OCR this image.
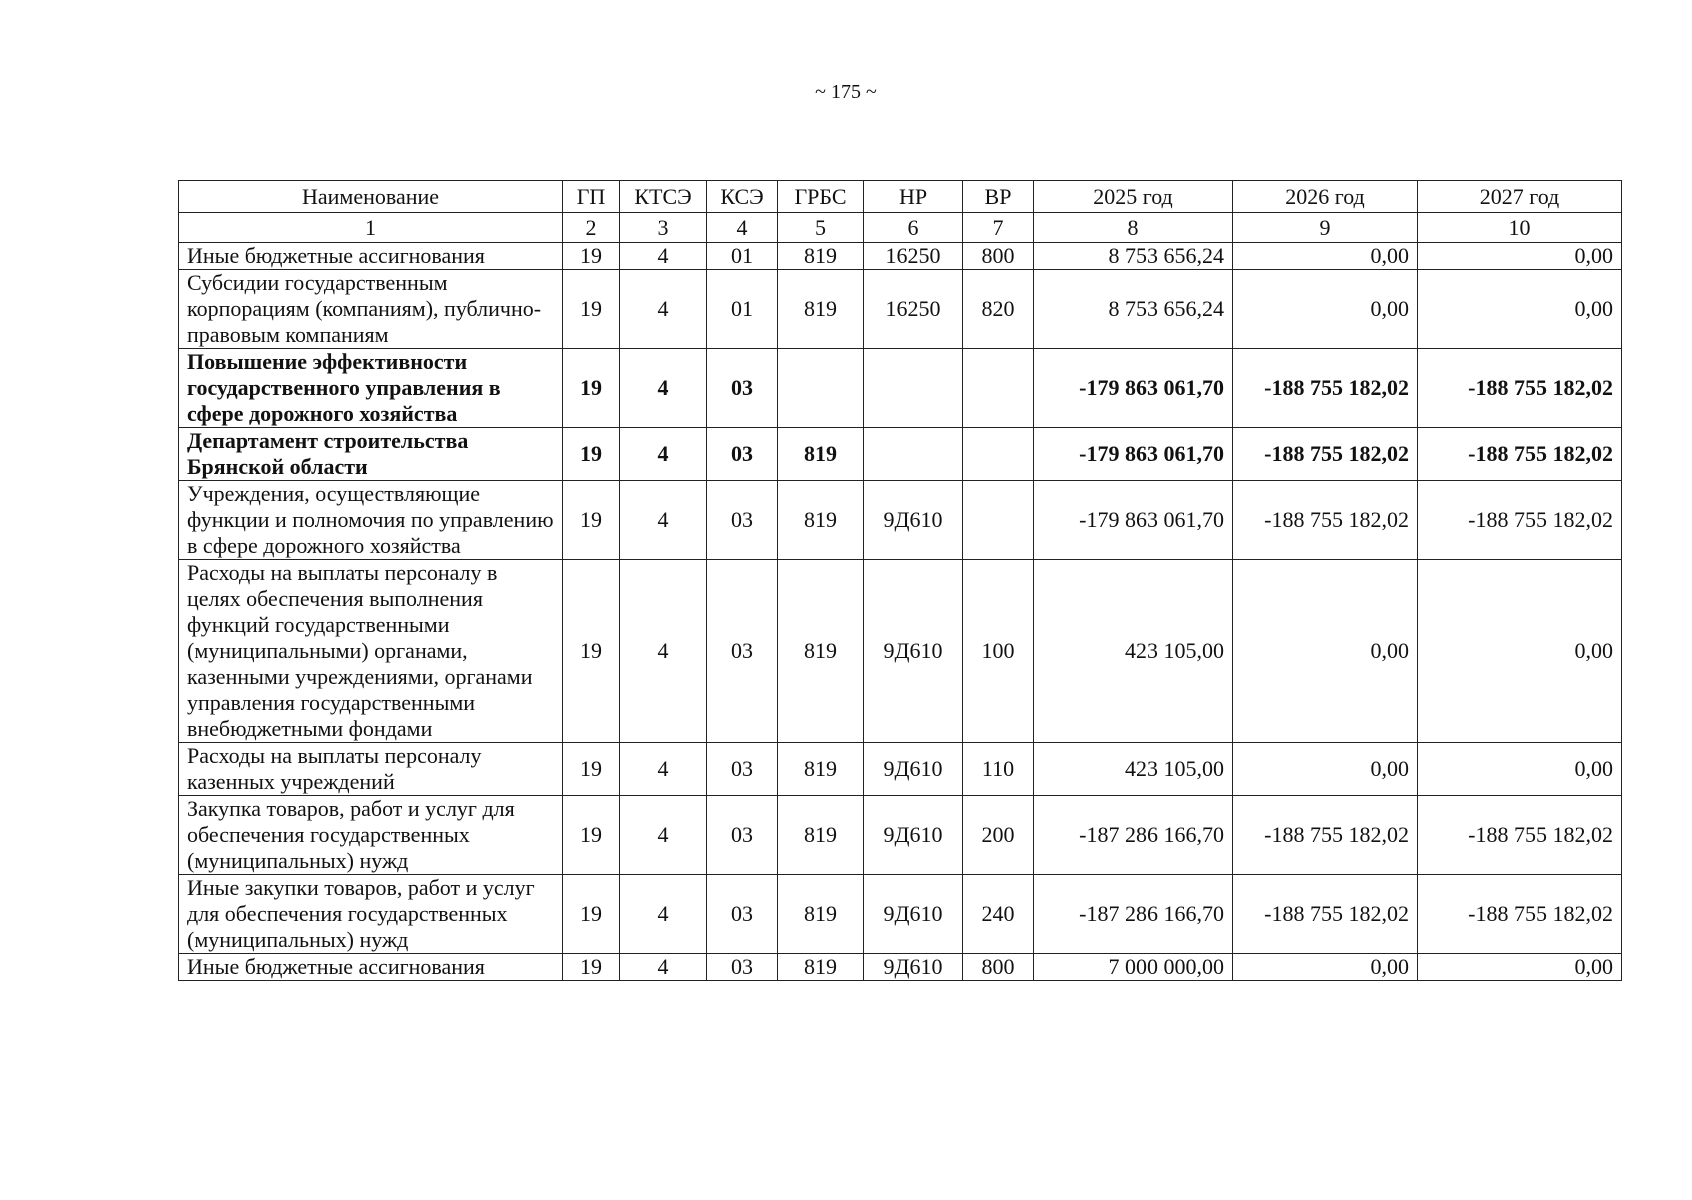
~ 175 ~
Наименование	ГП	КТСЭ	КСЭ	ГРБС	НР	ВР	2025 год	2026 год	2027 год
1	2	3	4	5	6	7	8	9	10
Иные бюджетные ассигнования	19	4	01	819	16250	800	8 753 656,24	0,00	0,00
Субсидии государственным корпорациям (компаниям), публично-правовым компаниям	19	4	01	819	16250	820	8 753 656,24	0,00	0,00
Повышение эффективности государственного управления в сфере дорожного хозяйства	19	4	03				-179 863 061,70	-188 755 182,02	-188 755 182,02
Департамент строительства Брянской области	19	4	03	819			-179 863 061,70	-188 755 182,02	-188 755 182,02
Учреждения, осуществляющие функции и полномочия по управлению в сфере дорожного хозяйства	19	4	03	819	9Д610		-179 863 061,70	-188 755 182,02	-188 755 182,02
Расходы на выплаты персоналу в целях обеспечения выполнения функций государственными (муниципальными) органами, казенными учреждениями, органами управления государственными внебюджетными фондами	19	4	03	819	9Д610	100	423 105,00	0,00	0,00
Расходы на выплаты персоналу казенных учреждений	19	4	03	819	9Д610	110	423 105,00	0,00	0,00
Закупка товаров, работ и услуг для обеспечения государственных (муниципальных) нужд	19	4	03	819	9Д610	200	-187 286 166,70	-188 755 182,02	-188 755 182,02
Иные закупки товаров, работ и услуг для обеспечения государственных (муниципальных) нужд	19	4	03	819	9Д610	240	-187 286 166,70	-188 755 182,02	-188 755 182,02
Иные бюджетные ассигнования	19	4	03	819	9Д610	800	7 000 000,00	0,00	0,00
